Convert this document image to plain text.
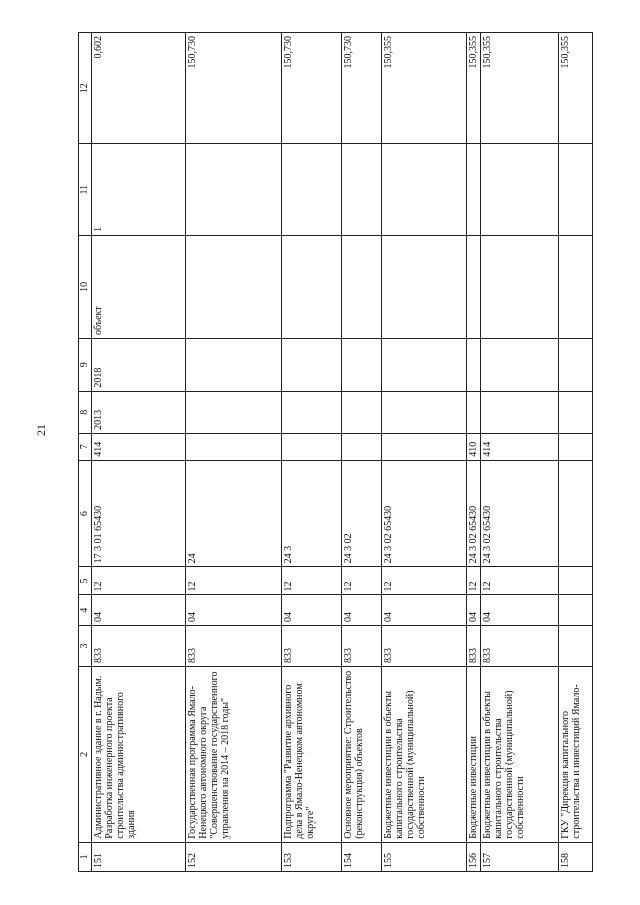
21
1	2	3	4	5	6	7	8	9	10	11	12
151	Административное здание в г. Надым. Разработка инженерного проекта строительства административного здания	833	04	12	17 3 01 65430	414	2013	2018	объект	1	0,602
152	Государственная программа Ямало-Ненецкого автономного округа "Совершенствование государственного управления на 2014 – 2018 годы"	833	04	12	24						150,730
153	Подпрограмма "Развитие архивного дела в Ямало-Ненецком автономном округе"	833	04	12	24 3						150,730
154	Основное мероприятие: Строительство (реконструкция) объектов	833	04	12	24 3 02						150,730
155	Бюджетные инвестиции в объекты капитального строительства государственной (муниципальной) собственности	833	04	12	24 3 02 65430						150,355
156	Бюджетные инвестиции	833	04	12	24 3 02 65430	410					150,355
157	Бюджетные инвестиции в объекты капитального строительства государственной (муниципальной) собственности	833	04	12	24 3 02 65430	414					150,355
158	ГКУ "Дирекция капитального строительства и инвестиций Ямало-										150,355
